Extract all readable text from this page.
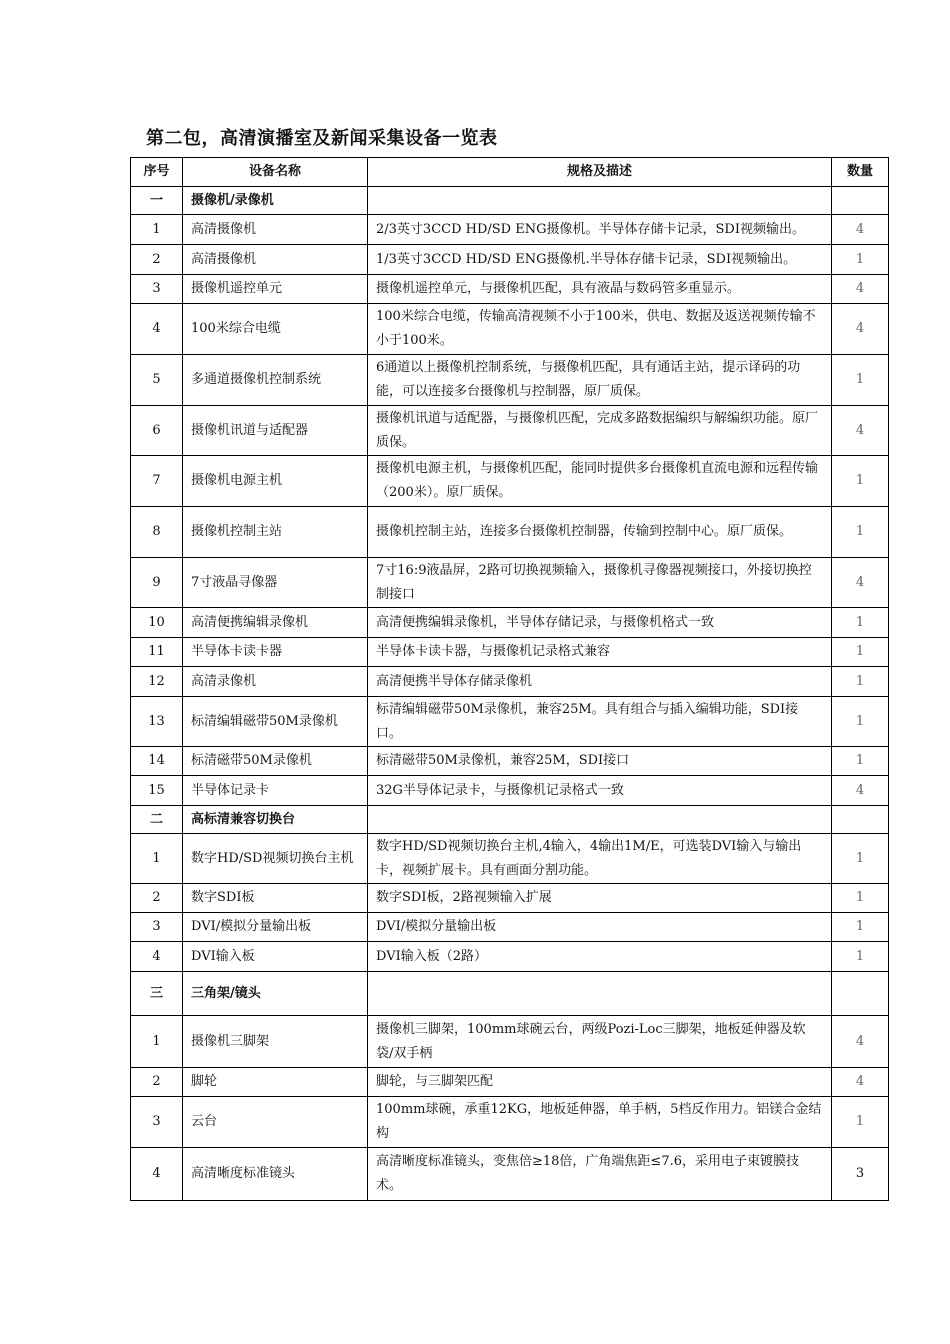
第二包，高清演播室及新闻采集设备一览表
序号	设备名称	规格及描述	数量
一	摄像机/录像机		
1	高清摄像机	2/3英寸3CCD HD/SD ENG摄像机。半导体存储卡记录，SDI视频输出。	4
2	高清摄像机	1/3英寸3CCD HD/SD ENG摄像机.半导体存储卡记录，SDI视频输出。	1
3	摄像机遥控单元	摄像机遥控单元，与摄像机匹配，具有液晶与数码管多重显示。	4
4	100米综合电缆	100米综合电缆，传输高清视频不小于100米，供电、数据及返送视频传输不小于100米。	4
5	多通道摄像机控制系统	6通道以上摄像机控制系统，与摄像机匹配，具有通话主站，提示译码的功能，可以连接多台摄像机与控制器，原厂质保。	1
6	摄像机讯道与适配器	摄像机讯道与适配器，与摄像机匹配，完成多路数据编织与解编织功能。原厂质保。	4
7	摄像机电源主机	摄像机电源主机，与摄像机匹配，能同时提供多台摄像机直流电源和远程传输（200米）。原厂质保。	1
8	摄像机控制主站	摄像机控制主站，连接多台摄像机控制器，传输到控制中心。原厂质保。	1
9	7寸液晶寻像器	7寸16:9液晶屏，2路可切换视频输入，摄像机寻像器视频接口，外接切换控制接口	4
10	高清便携编辑录像机	高清便携编辑录像机，半导体存储记录，与摄像机格式一致	1
11	半导体卡读卡器	半导体卡读卡器，与摄像机记录格式兼容	1
12	高清录像机	高清便携半导体存储录像机	1
13	标清编辑磁带50M录像机	标清编辑磁带50M录像机，兼容25M。具有组合与插入编辑功能，SDI接口。	1
14	标清磁带50M录像机	标清磁带50M录像机，兼容25M，SDI接口	1
15	半导体记录卡	32G半导体记录卡，与摄像机记录格式一致	4
二	高标清兼容切换台		
1	数字HD/SD视频切换台主机	数字HD/SD视频切换台主机,4输入，4输出1M/E，可选装DVI输入与输出卡，视频扩展卡。具有画面分割功能。	1
2	数字SDI板	数字SDI板，2路视频输入扩展	1
3	DVI/模拟分量输出板	DVI/模拟分量输出板	1
4	DVI输入板	DVI输入板（2路）	1
三	三角架/镜头		
1	摄像机三脚架	摄像机三脚架，100mm球碗云台，两级Pozi-Loc三脚架，地板延伸器及软袋/双手柄	4
2	脚轮	脚轮，与三脚架匹配	4
3	云台	100mm球碗，承重12KG，地板延伸器，单手柄，5档反作用力。铝镁合金结构	1
4	高清晰度标准镜头	高清晰度标准镜头，变焦倍≥18倍，广角端焦距≤7.6，采用电子束镀膜技术。	3
